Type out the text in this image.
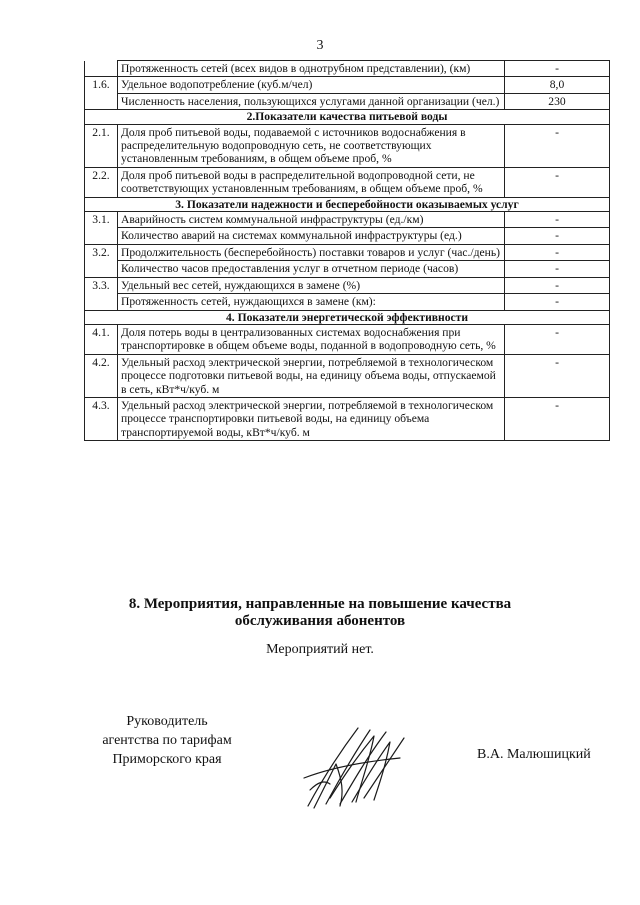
3
	Протяженность сетей (всех видов в однотрубном представлении), (км)	-
1.6.	Удельное водопотребление (куб.м/чел)	8,0
	Численность населения, пользующихся услугами данной организации (чел.)	230
2.Показатели качества питьевой воды		
2.1.	Доля проб питьевой воды, подаваемой с источников водоснабжения в распределительную водопроводную сеть, не соответствующих установленным требованиям, в общем объеме проб, %	-
2.2.	Доля проб питьевой воды в распределительной водопроводной сети, не соответствующих установленным требованиям, в общем объеме проб, %	-
3. Показатели надежности и бесперебойности оказываемых услуг		
3.1.	Аварийность систем коммунальной инфраструктуры (ед./км)	-
	Количество аварий на системах коммунальной инфраструктуры (ед.)	-
3.2.	Продолжительность (бесперебойность) поставки товаров и услуг (час./день)	-
	Количество часов предоставления услуг в отчетном периоде (часов)	-
3.3.	Удельный вес сетей, нуждающихся в замене (%)	-
	Протяженность сетей, нуждающихся в замене (км):	-
4. Показатели энергетической эффективности		
4.1.	Доля потерь воды в централизованных системах водоснабжения при транспортировке в общем объеме воды, поданной в водопроводную сеть, %	-
4.2.	Удельный расход электрической энергии, потребляемой в технологическом процессе подготовки питьевой воды, на единицу объема воды, отпускаемой в сеть, кВт*ч/куб. м	-
4.3.	Удельный расход электрической энергии, потребляемой в технологическом процессе транспортировки питьевой воды, на единицу объема транспортируемой воды, кВт*ч/куб. м	-
8. Мероприятия, направленные на повышение качества
обслуживания абонентов
Мероприятий нет.
Руководитель
агентства по тарифам
Приморского края	В.А. Малюшицкий
